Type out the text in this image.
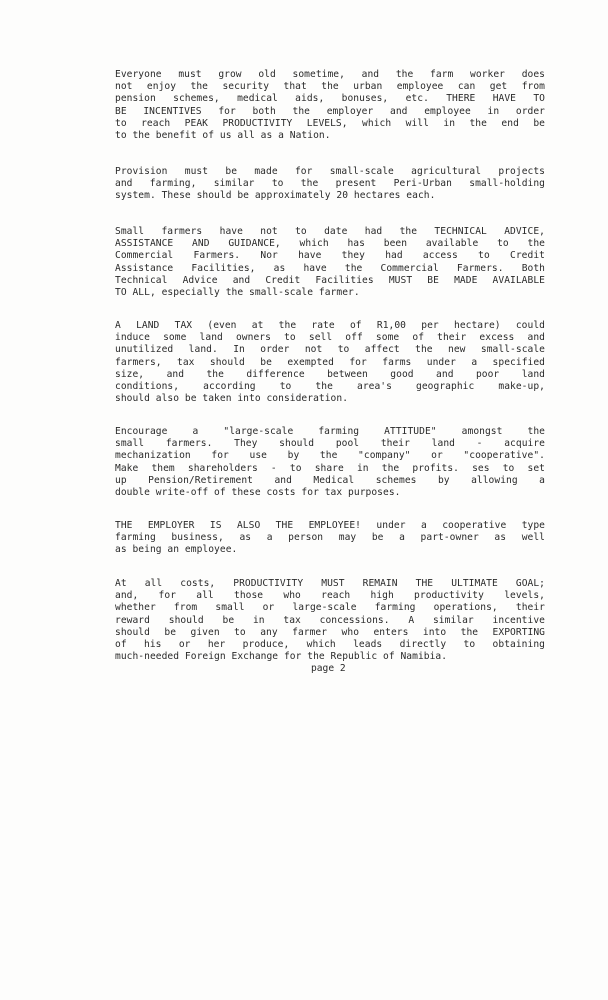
Everyone must grow old sometime, and the farm worker does
not enjoy the security that the urban employee can get from
pension schemes, medical aids, bonuses, etc. THERE HAVE TO
BE INCENTIVES for both the employer and employee in order
to reach PEAK PRODUCTIVITY LEVELS, which will in the end be
to the benefit of us all as a Nation.
Provision must be made for small-scale agricultural projects
and farming, similar to the present Peri-Urban small-holding
system. These should be approximately 20 hectares each.
Small farmers have not to date had the TECHNICAL ADVICE,
ASSISTANCE AND GUIDANCE, which has been available to the
Commercial Farmers. Nor have they had access to Credit
Assistance Facilities, as have the Commercial Farmers. Both
Technical Advice and Credit Facilities MUST BE MADE AVAILABLE
TO ALL, especially the small-scale farmer.
A LAND TAX (even at the rate of R1,00 per hectare) could
induce some land owners to sell off some of their excess and
unutilized land. In order not to affect the new small-scale
farmers, tax should be exempted for farms under a specified
size, and the difference between good and poor land
conditions, according to the area's geographic make-up,
should also be taken into consideration.
Encourage a "large-scale farming ATTITUDE" amongst the
small farmers. They should pool their land - acquire
mechanization for use by the "company" or "cooperative".
Make them shareholders - to share in the profits. ses to set
up Pension/Retirement and Medical schemes by allowing a
double write-off of these costs for tax purposes.
THE EMPLOYER IS ALSO THE EMPLOYEE! under a cooperative type
farming business, as a person may be a part-owner as well
as being an employee.
At all costs, PRODUCTIVITY MUST REMAIN THE ULTIMATE GOAL;
and, for all those who reach high productivity levels,
whether from small or large-scale farming operations, their
reward should be in tax concessions. A similar incentive
should be given to any farmer who enters into the EXPORTING
of his or her produce, which leads directly to obtaining
much-needed Foreign Exchange for the Republic of Namibia.
page 2
